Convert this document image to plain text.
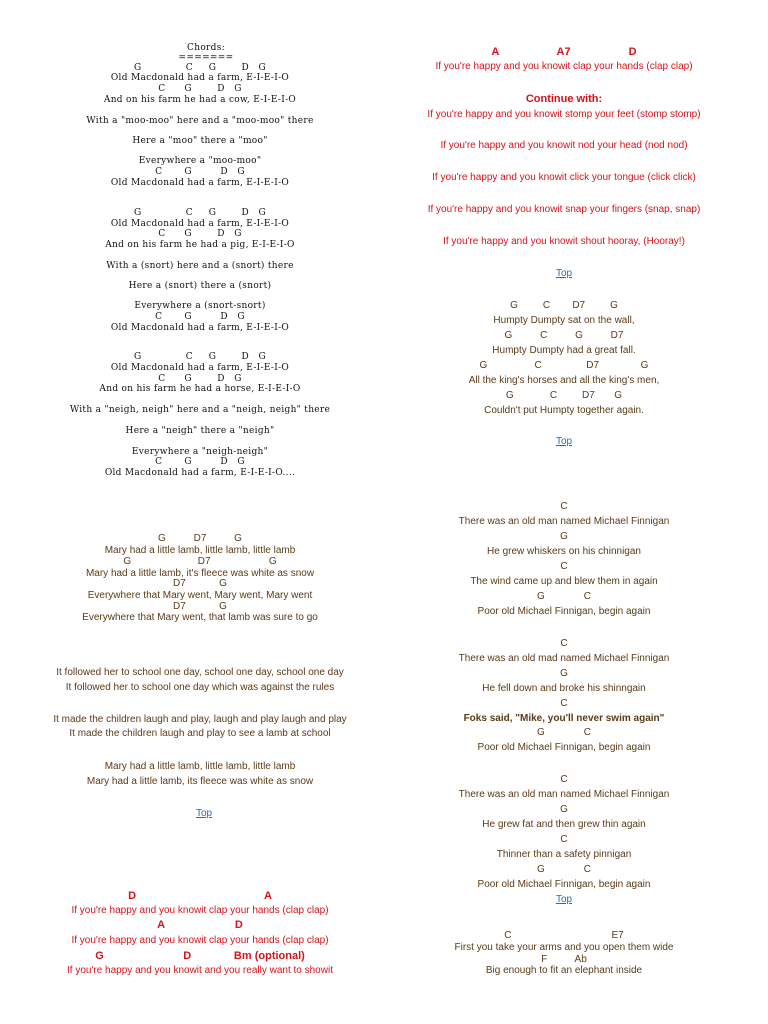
Chords:
=======
G              C     G        D   G
Old Macdonald had a farm, E-I-E-I-O
C      G        D   G
And on his farm he had a cow, E-I-E-I-O
With a "moo-moo" here and a "moo-moo" there
Here a "moo" there a "moo"
Everywhere a "moo-moo"
C       G         D   G
Old Macdonald had a farm, E-I-E-I-O
G              C     G        D   G
Old Macdonald had a farm, E-I-E-I-O
C      G        D   G
And on his farm he had a pig, E-I-E-I-O
With a (snort) here and a (snort) there
Here a (snort) there a (snort)
Everywhere a (snort-snort)
C       G         D   G
Old Macdonald had a farm, E-I-E-I-O
G              C     G        D   G
Old Macdonald had a farm, E-I-E-I-O
C      G        D   G
And on his farm he had a horse, E-I-E-I-O
With a "neigh, neigh" here and a "neigh, neigh" there
Here a "neigh" there a "neigh"
Everywhere a "neigh-neigh"
C       G         D   G
Old Macdonald had a farm, E-I-E-I-O....
G          D7          G
Mary had a little lamb, little lamb, little lamb
G                        D7                     G
Mary had a little lamb, it's fleece was white as snow
D7            G
Everywhere that Mary went, Mary went, Mary went
D7            G
Everywhere that Mary went, that lamb was sure to go
It followed her to school one day, school one day, school one day
It followed her to school one day which was against the rules
It made the children laugh and play, laugh and play laugh and play
It made the children laugh and play to see a lamb at school
Mary had a little lamb, little lamb, little lamb
Mary had a little lamb, its fleece was white as snow
Top
D                                          A
If you're happy and you knowit clap your hands (clap clap)
A                       D
If you're happy and you knowit clap your hands (clap clap)
G                          D              Bm (optional)
If you're happy and you knowit and you really want to showit
A                   A7                   D
If you're happy and you knowit clap your hands (clap clap)
Continue with:
If you're happy and you knowit stomp your feet (stomp stomp)
If you're happy and you knowit nod your head (nod nod)
If you're happy and you knowit click your tongue (click click)
If you're happy and you knowit snap your fingers (snap, snap)
If you're happy and you knowit shout hooray, (Hooray!)
Top
G         C        D7         G
Humpty Dumpty sat on the wall,
G          C          G          D7
Humpty Dumpty had a great fall.
G                 C                D7               G
All the king's horses and all the king's men,
G             C         D7       G
Couldn't put Humpty together again.
Top
C
There was an old man named Michael Finnigan
G
He grew whiskers on his chinnigan
C
The wind came up and blew them in again
G              C
Poor old Michael Finnigan, begin again
C
There was an old mad named Michael Finnigan
G
He fell down and broke his shinngain
C
Foks said, "Mike, you'll never swim again"
G              C
Poor old Michael Finnigan, begin again
C
There was an old man named Michael Finnigan
G
He grew fat and then grew thin again
C
Thinner than a safety pinnigan
G              C
Poor old Michael Finnigan, begin again
Top
C                                    E7
First you take your arms and you open them wide
F          Ab
Big enough to fit an elephant inside
